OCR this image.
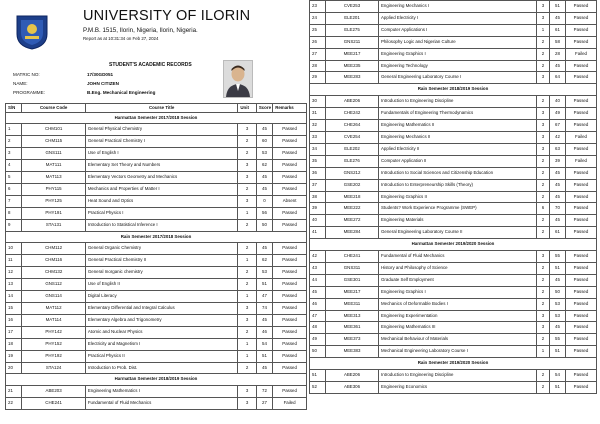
UNIVERSITY OF ILORIN
P.M.B. 1515, Ilorin, Nigeria, Ilorin, Nigeria.
Report as at 10:31:34 on Feb 27, 2024
STUDENT'S ACADEMIC RECORDS
MATRIC NO:	17/30GD051
NAME:	JOHN CITIZEN
PROGRAMME:	B.Eng. Mechanical Engineering
S/N	Course Code	Course Title	Unit	Score	Remarks
Harmattan Semester 2017/2018 Session					
1	CHM101	General Physical Chemistry	3	45	Passed
2	CHM115	General Practical Chemistry I	2	60	Passed
3	GNS111	Use of English I	2	53	Passed
4	MAT111	Elementary Set Theory and Numbers	3	62	Passed
5	MAT113	Elementary Vectors Geometry and Mechanics	3	45	Passed
6	PHY115	Mechanics and Properties of Matter I	2	45	Passed
7	PHY125	Heat Sound and Optics	3	0	Absent
8	PHY191	Practical Physics I	1	56	Passed
9	STA131	Introduction to Statistical Inference I	2	50	Passed
Rain Semester 2017/2018 Session					
10	CHM112	General Organic Chemistry	2	45	Passed
11	CHM116	General Practical Chemistry II	1	62	Passed
12	CHM132	General Inorganic chemistry	2	53	Passed
13	GNS112	Use of English II	2	51	Passed
14	GNS114	Digital Literacy	1	47	Passed
15	MAT112	Elementary Differential and Integral Calculus	3	74	Passed
16	MAT114	Elementary Algebra and Trigonometry	3	45	Passed
17	PHY142	Atomic and Nuclear Physics	2	46	Passed
18	PHY152	Electricity and Magnetism I	1	54	Passed
19	PHY192	Practical Physics II	1	51	Passed
20	STA124	Introduction to Prob. Dist.	2	45	Passed
Harmattan Semester 2018/2019 Session					
21	ABE203	Engineering Mathematics I	3	72	Passed
22	CHE241	Fundamental of Fluid Mechanics	3	27	Failed
23	CVE253	Engineering Mechanics I	3	51	Passed
24	ELE201	Applied Electricity I	3	45	Passed
25	ELE275	Computer Applications I	1	61	Passed
26	GNS211	Philosophy Logic and Nigerian Culture	2	58	Passed
27	MEE217	Engineering Graphics I	2	28	Failed
28	MEE235	Engineering Technology	2	45	Passed
29	MEE283	General Engineering Laboratory Course I	3	64	Passed
Rain Semester 2018/2019 Session					
30	ABE206	Introduction to Engineering Discipline	2	40	Passed
31	CHE242	Fundamentals of Engineering Thermodynamics	3	49	Passed
32	CHE264	Engineering Mathematics II	3	67	Passed
33	CVE254	Engineering Mechanics II	3	42	Failed
34	ELE202	Applied Electricity II	3	63	Passed
35	ELE276	Computer Application II	2	39	Failed
36	GNS212	Introduction to Social Sciences and Citizenship Education	2	45	Passed
37	GSE202	Introduction to Enterpreneurship Skills (Theory)	2	45	Passed
38	MEE218	Engineering Graphics II	2	45	Passed
39	MEE222	Students? Work Experience Programme (SWEP)	6	70	Passed
40	MEE272	Engineering Materials	2	45	Passed
41	MEE284	General Engineering Laboratory Course II	2	61	Passed
Harmattan Semester 2019/2020 Session					
42	CHE241	Fundamental of Fluid Mechanics	3	55	Passed
43	GNS311	History and Philosophy of Science	2	51	Passed
44	GSE301	Graduate Self Employment	2	45	Passed
45	MEE217	Engineering Graphics I	2	50	Passed
46	MEE311	Mechanics of Deformable Bodies I	2	53	Passed
47	MEE313	Engineering Experimentation	3	53	Passed
48	MEE361	Engineering Mathematics III	3	45	Passed
49	MEE373	Mechanical Behaviour of Materials	2	55	Passed
50	MEE383	Mechanical Engineering Laboratory Course I	1	51	Passed
Rain Semester 2019/2020 Session					
51	ABE206	Introduction to Engineering Discipline	2	54	Passed
52	ABE306	Engineering Economics	2	51	Passed
